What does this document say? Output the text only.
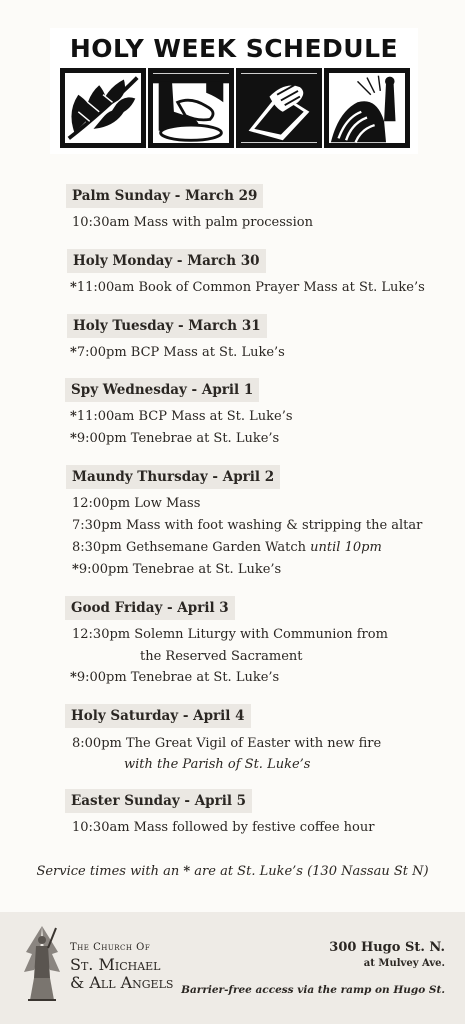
HOLY WEEK SCHEDULE
Palm Sunday - March 29
10:30am Mass with palm procession
Holy Monday - March 30
*11:00am Book of Common Prayer Mass at St. Luke’s
Holy Tuesday - March 31
*7:00pm BCP Mass at St. Luke’s
Spy Wednesday - April 1
*11:00am BCP Mass at St. Luke’s
*9:00pm Tenebrae at St. Luke’s
Maundy Thursday - April 2
12:00pm Low Mass
7:30pm Mass with foot washing & stripping the altar
8:30pm Gethsemane Garden Watch until 10pm
*9:00pm Tenebrae at St. Luke’s
Good Friday - April 3
12:30pm Solemn Liturgy with Communion from
the Reserved Sacrament
*9:00pm Tenebrae at St. Luke’s
Holy Saturday - April 4
8:00pm The Great Vigil of Easter with new fire
with the Parish of St. Luke’s
Easter Sunday - April 5
10:30am Mass followed by festive coffee hour
Service times with an * are at St. Luke’s (130 Nassau St N)
The Church Of
St. Michael
& All Angels
300 Hugo St. N.
at Mulvey Ave.
Barrier-free access via the ramp on Hugo St.
